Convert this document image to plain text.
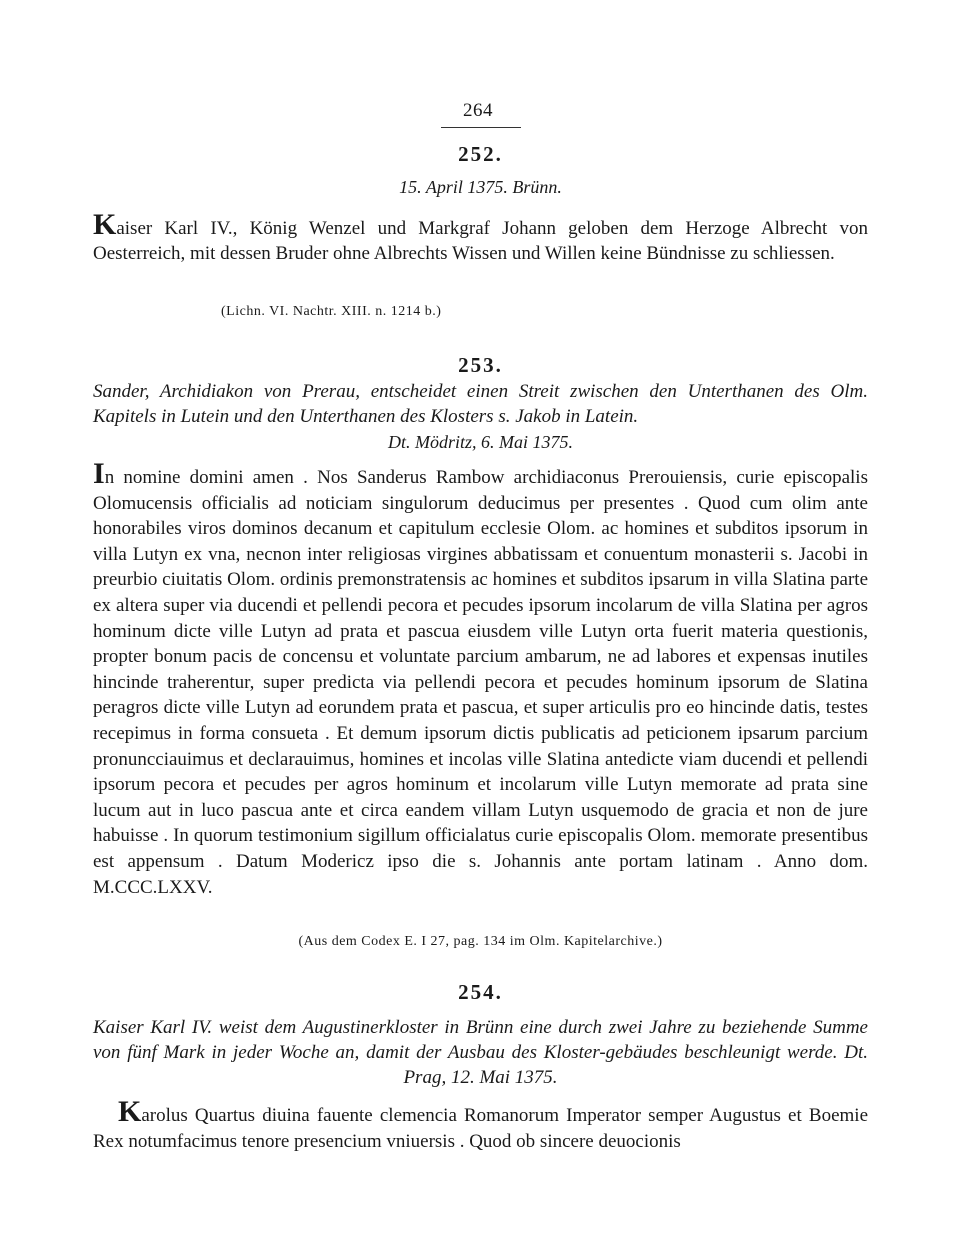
264
252.
15. April 1375. Brünn.
Kaiser Karl IV., König Wenzel und Markgraf Johann geloben dem Herzoge Albrecht von Oesterreich, mit dessen Bruder ohne Albrechts Wissen und Willen keine Bündnisse zu schliessen.
(Lichn. VI. Nachtr. XIII. n. 1214 b.)
253.
Sander, Archidiakon von Prerau, entscheidet einen Streit zwischen den Unterthanen des Olm. Kapitels in Lutein und den Unterthanen des Klosters s. Jakob in Latein.
Dt. Mödritz, 6. Mai 1375.
In nomine domini amen . Nos Sanderus Rambow archidiaconus Prerouiensis, curie episcopalis Olomucensis officialis ad noticiam singulorum deducimus per presentes . Quod cum olim ante honorabiles viros dominos decanum et capitulum ecclesie Olom. ac homines et subditos ipsorum in villa Lutyn ex vna, necnon inter religiosas virgines abbatissam et conuentum monasterii s. Jacobi in preurbio ciuitatis Olom. ordinis premonstratensis ac homines et subditos ipsarum in villa Slatina parte ex altera super via ducendi et pellendi pecora et pecudes ipsorum incolarum de villa Slatina per agros hominum dicte ville Lutyn ad prata et pascua eiusdem ville Lutyn orta fuerit materia questionis, propter bonum pacis de concensu et voluntate parcium ambarum, ne ad labores et expensas inutiles hincinde traherentur, super predicta via pellendi pecora et pecudes hominum ipsorum de Slatina peragros dicte ville Lutyn ad eorundem prata et pascua, et super articulis pro eo hincinde datis, testes recepimus in forma consueta . Et demum ipsorum dictis publicatis ad peticionem ipsarum parcium pronuncciauimus et declarauimus, homines et incolas ville Slatina antedicte viam ducendi et pellendi ipsorum pecora et pecudes per agros hominum et incolarum ville Lutyn memorate ad prata sine lucum aut in luco pascua ante et circa eandem villam Lutyn usquemodo de gracia et non de jure habuisse . In quorum testimonium sigillum officialatus curie episcopalis Olom. memorate presentibus est appensum . Datum Modericz ipso die s. Johannis ante portam latinam . Anno dom. M.CCC.LXXV.
(Aus dem Codex E. I 27, pag. 134 im Olm. Kapitelarchive.)
254.
Kaiser Karl IV. weist dem Augustinerkloster in Brünn eine durch zwei Jahre zu beziehende Summe von fünf Mark in jeder Woche an, damit der Ausbau des Kloster-gebäudes beschleunigt werde. Dt. Prag, 12. Mai 1375.
Karolus Quartus diuina fauente clemencia Romanorum Imperator semper Augustus et Boemie Rex notumfacimus tenore presencium vniuersis . Quod ob sincere deuocionis
